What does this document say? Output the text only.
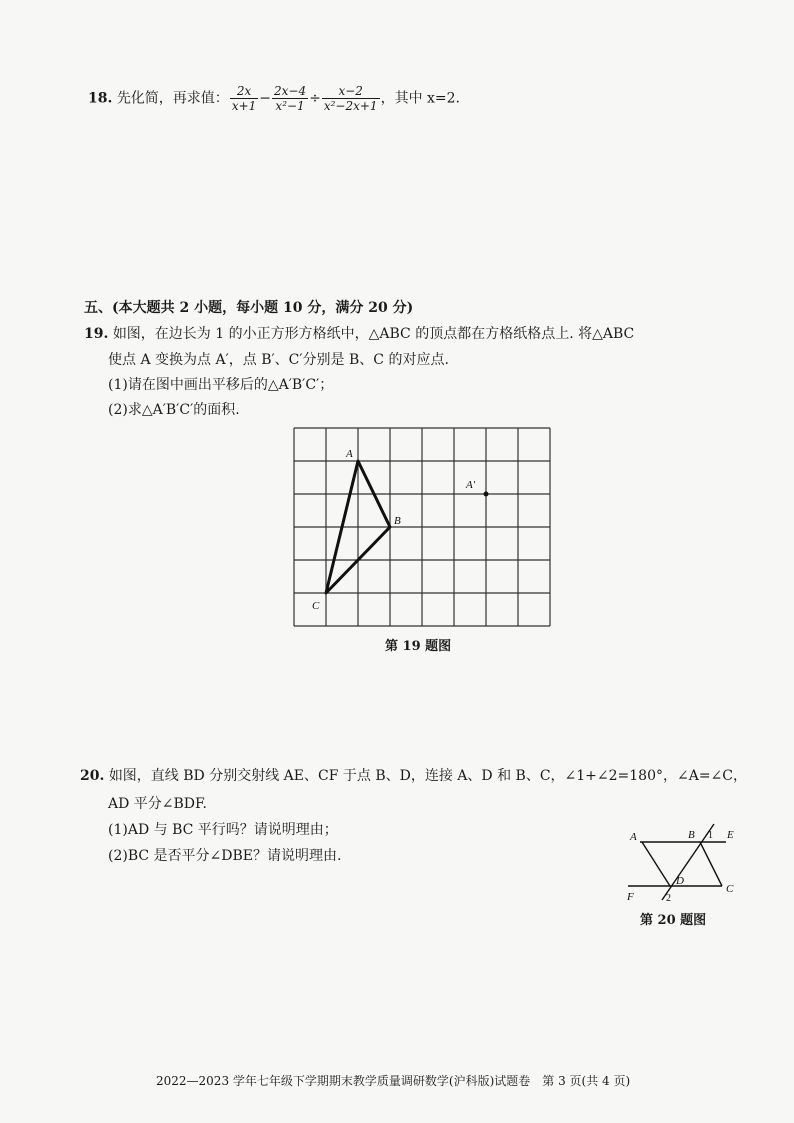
18. 先化简，再求值： $\frac{2x}{x+1} - \frac{2x-4}{\text{x²−1}} \div \frac{x-2}{\text{x²−2x+1}}$ ，其中 x=2.
五、(本大题共 2 小题，每小题 10 分，满分 20 分)
19. 如图，在边长为 1 的小正方形方格纸中，△ABC 的顶点都在方格纸格点上. 将△ABC
使点 A 变换为点 A′，点 B′、C′分别是 B、C 的对应点.
(1)请在图中画出平移后的△A′B′C′；
(2)求△A′B′C′的面积.
A
B
C
A′
第 19 题图
20. 如图，直线 BD 分别交射线 AE、CF 于点 B、D，连接 A、D 和 B、C，∠1+∠2=180°，∠A=∠C，
AD 平分∠BDF.
(1)AD 与 BC 平行吗？请说明理由；
(2)BC 是否平分∠DBE？请说明理由.
A	B 1 E
F
D
2
C
第 20 题图
2022—2023 学年七年级下学期期末教学质量调研数学(沪科版)试题卷　第 3 页(共 4 页)
